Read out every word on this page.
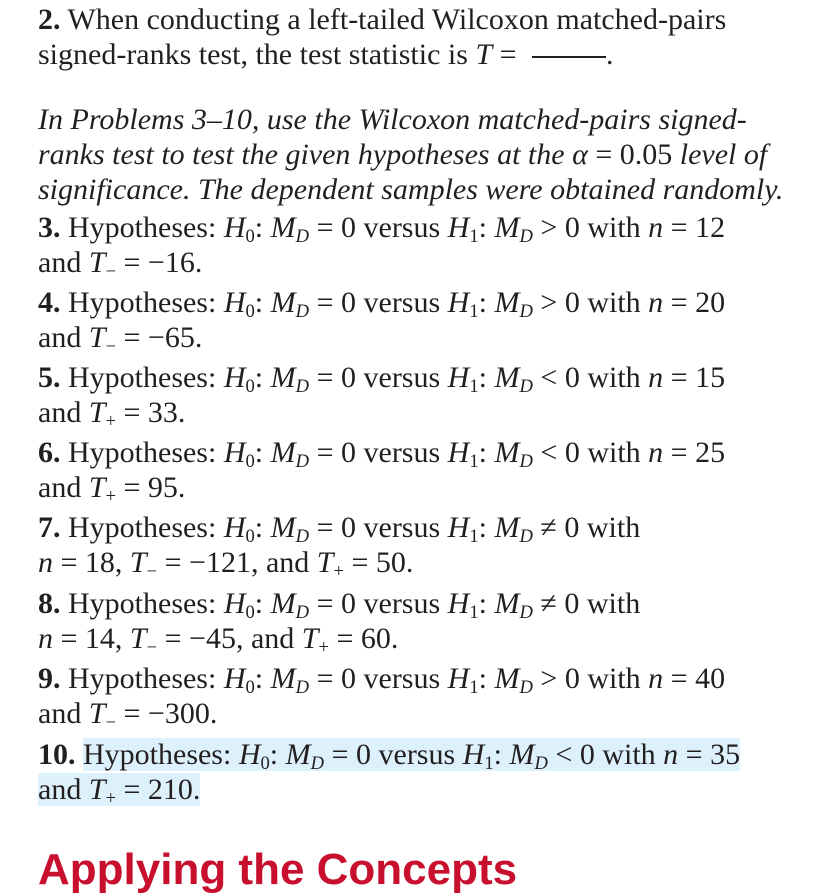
2. When conducting a left-tailed Wilcoxon matched-pairs
signed-ranks test, the test statistic is T =	.
In Problems 3–10, use the Wilcoxon matched-pairs signed-
ranks test to test the given hypotheses at the α = 0.05 level of
significance. The dependent samples were obtained randomly.
3. Hypotheses: $H_0$: $M_D = 0$ versus $H_1$: $M_D > 0$ with n = 12
and $T_- = -16$.
4. Hypotheses: $H_0$: $M_D = 0$ versus $H_1$: $M_D > 0$ with n = 20
and $T_- = -65$.
5. Hypotheses: $H_0$: $M_D = 0$ versus $H_1$: $M_D < 0$ with n = 15
and $T_+ = 33$.
6. Hypotheses: $H_0$: $M_D = 0$ versus $H_1$: $M_D < 0$ with n = 25
and $T_+ = 95$.
7. Hypotheses: $H_0$: $M_D = 0$ versus $H_1$: $M_D \ne 0$ with
n = 18, $T_- = -121$, and $T_+ = 50$.
8. Hypotheses: $H_0$: $M_D = 0$ versus $H_1$: $M_D \ne 0$ with
n = 14, $T_- = -45$, and $T_+ = 60$.
9. Hypotheses: $H_0$: $M_D = 0$ versus $H_1$: $M_D > 0$ with n = 40
and $T_- = -300$.
10. Hypotheses: $H_0$: $M_D = 0$ versus $H_1$: $M_D < 0$ with n = 35
and $T_+ = 210$.
Applying the Concepts
